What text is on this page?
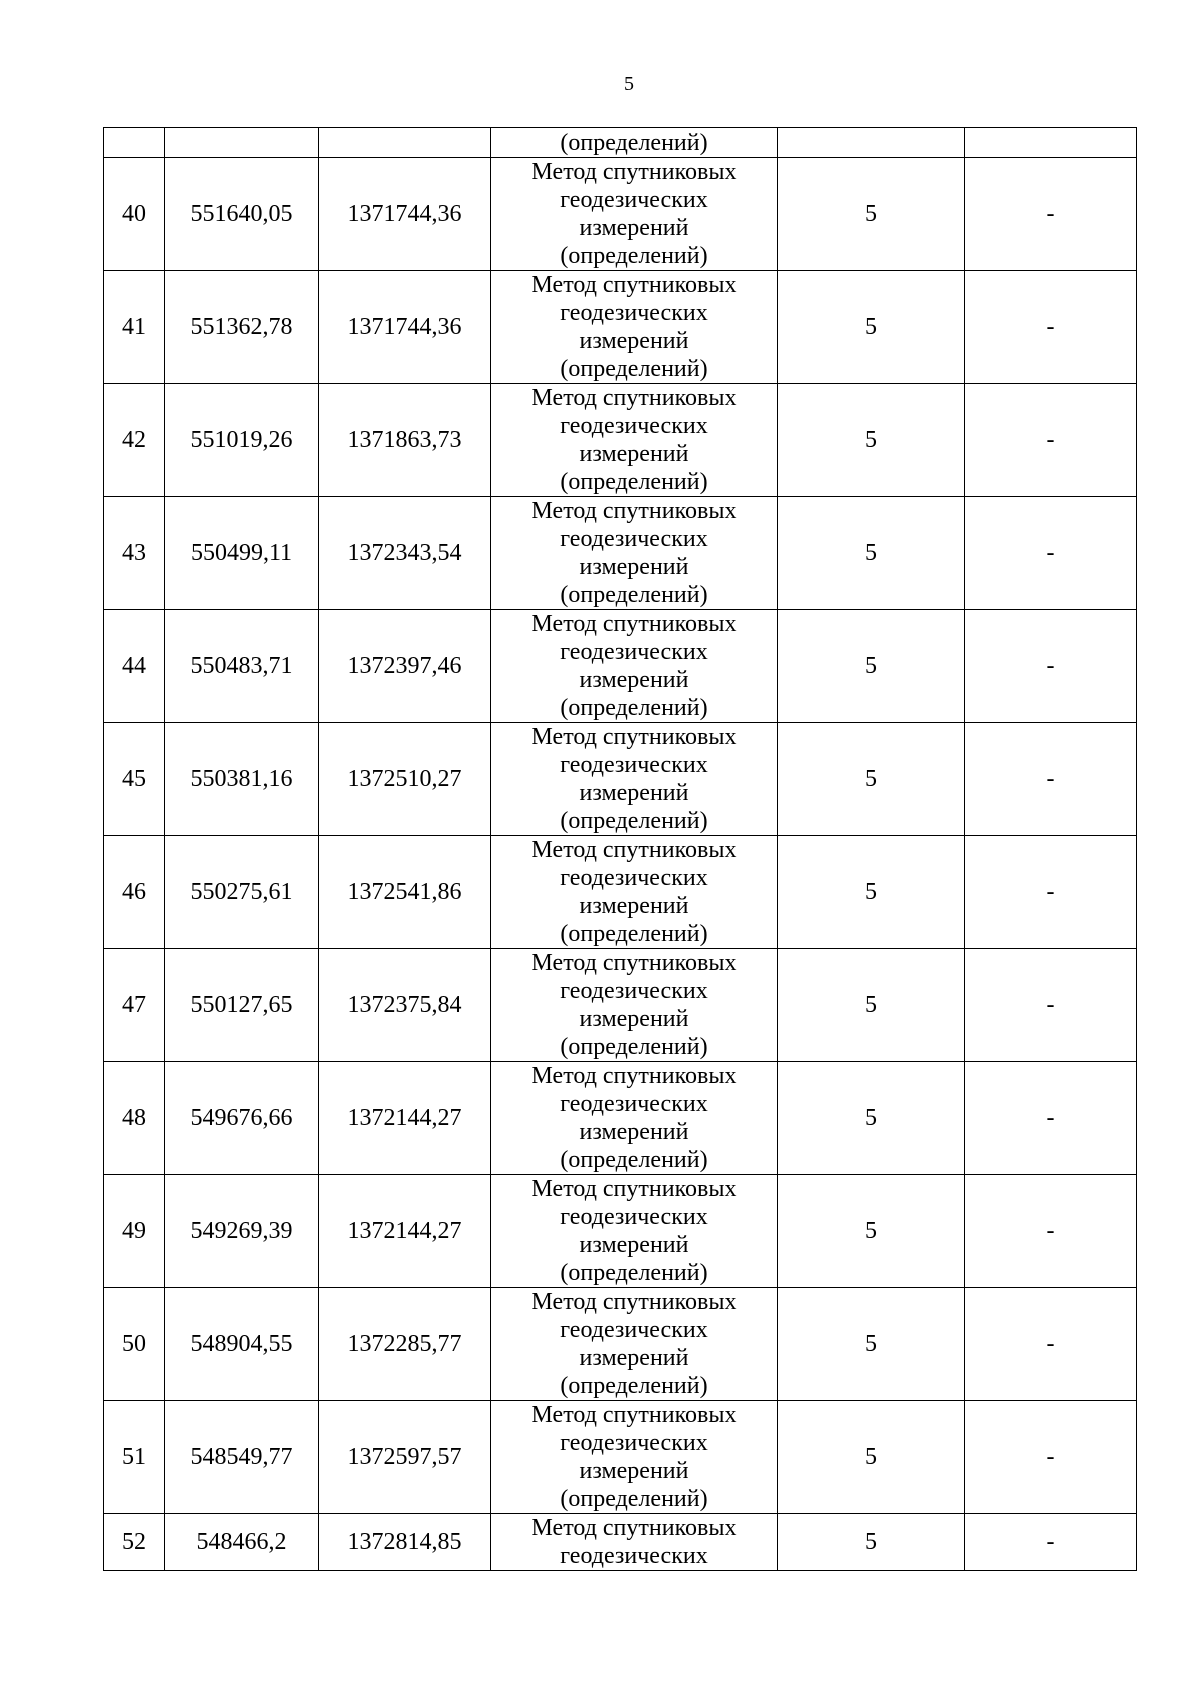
5

			(определений)		

40	551640,05	1371744,36	Метод спутниковых
геодезических
измерений
(определений)	5	-
41	551362,78	1371744,36	Метод спутниковых
геодезических
измерений
(определений)	5	-
42	551019,26	1371863,73	Метод спутниковых
геодезических
измерений
(определений)	5	-
43	550499,11	1372343,54	Метод спутниковых
геодезических
измерений
(определений)	5	-
44	550483,71	1372397,46	Метод спутниковых
геодезических
измерений
(определений)	5	-
45	550381,16	1372510,27	Метод спутниковых
геодезических
измерений
(определений)	5	-
46	550275,61	1372541,86	Метод спутниковых
геодезических
измерений
(определений)	5	-
47	550127,65	1372375,84	Метод спутниковых
геодезических
измерений
(определений)	5	-
48	549676,66	1372144,27	Метод спутниковых
геодезических
измерений
(определений)	5	-
49	549269,39	1372144,27	Метод спутниковых
геодезических
измерений
(определений)	5	-
50	548904,55	1372285,77	Метод спутниковых
геодезических
измерений
(определений)	5	-
51	548549,77	1372597,57	Метод спутниковых
геодезических
измерений
(определений)	5	-
52	548466,2	1372814,85	Метод спутниковых
геодезических	5	-
